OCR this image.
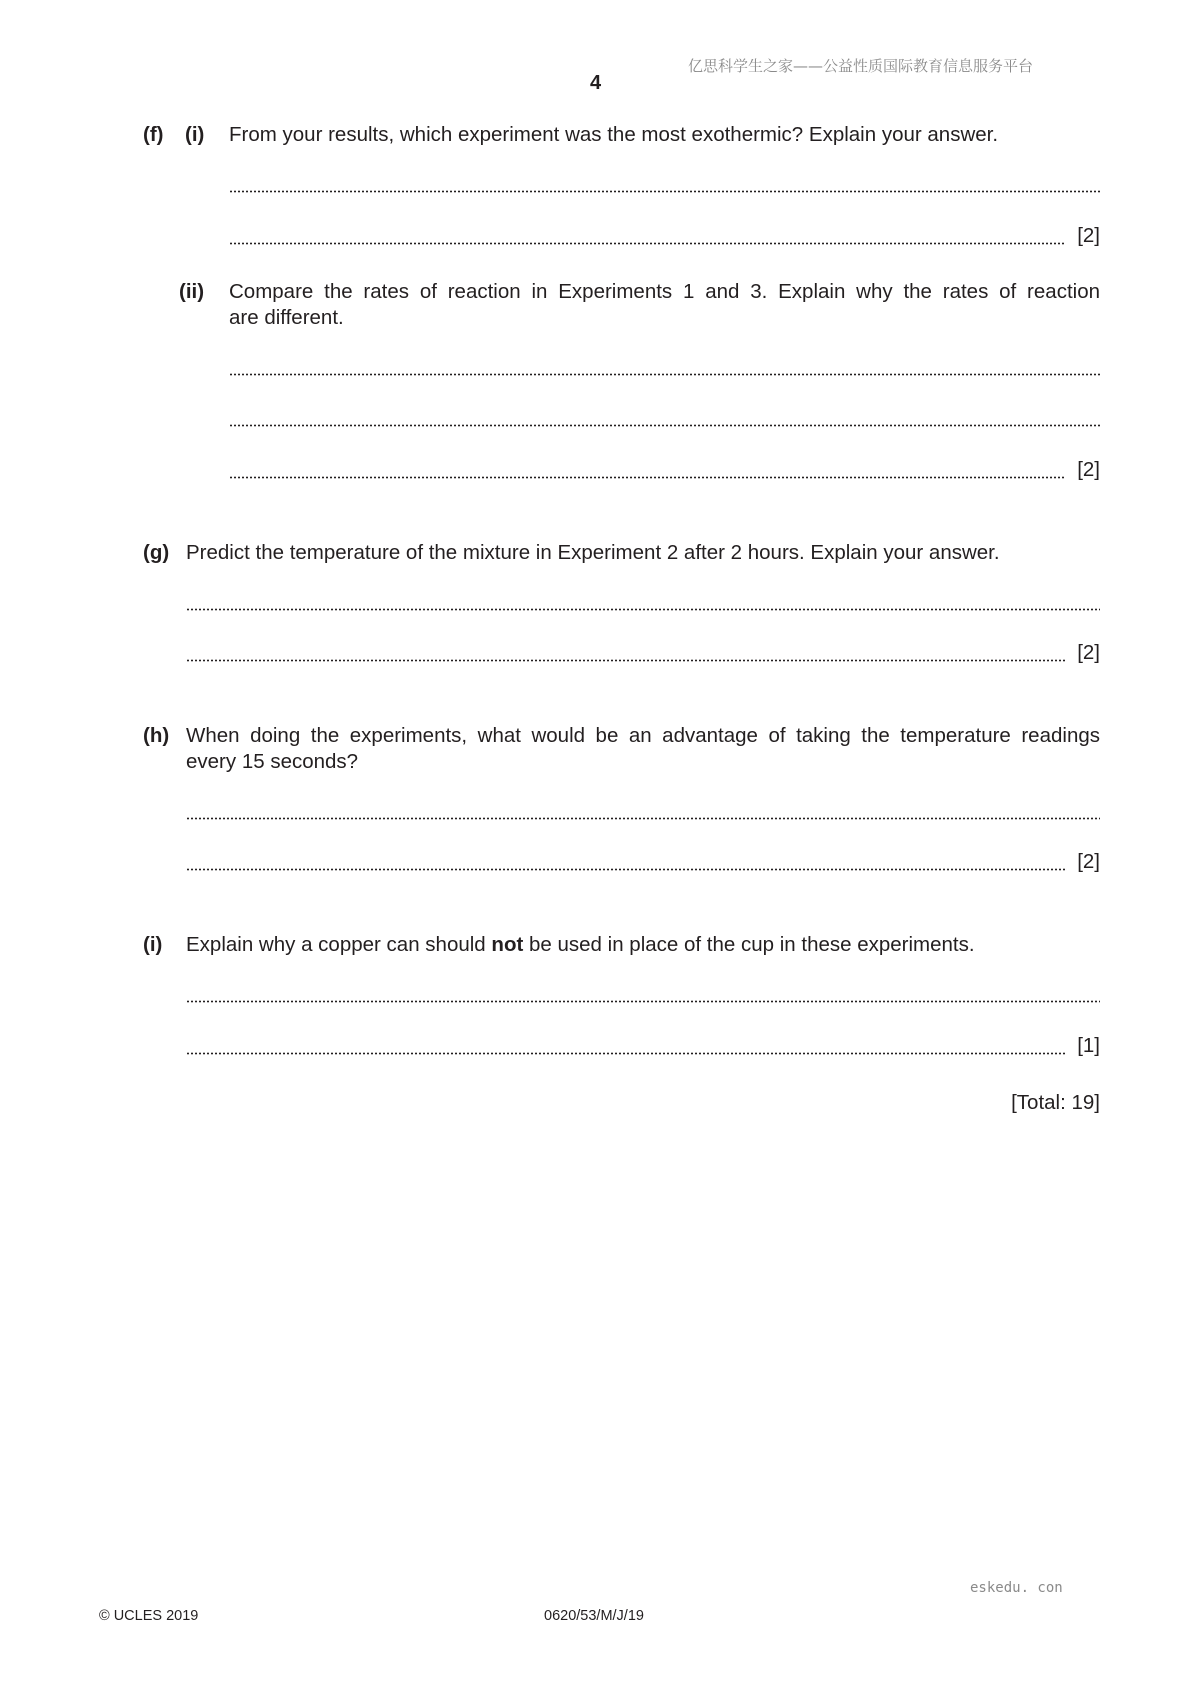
亿思科学生之家——公益性质国际教育信息服务平台
4
(f) (i) From your results, which experiment was the most exothermic? Explain your answer.
[2]
(ii) Compare the rates of reaction in Experiments 1 and 3. Explain why the rates of reaction
are different.
[2]
(g) Predict the temperature of the mixture in Experiment 2 after 2 hours. Explain your answer.
[2]
(h) When doing the experiments, what would be an advantage of taking the temperature readings
every 15 seconds?
[2]
(i) Explain why a copper can should not be used in place of the cup in these experiments.
[1]
[Total: 19]
eskedu. con
© UCLES 2019	0620/53/M/J/19
